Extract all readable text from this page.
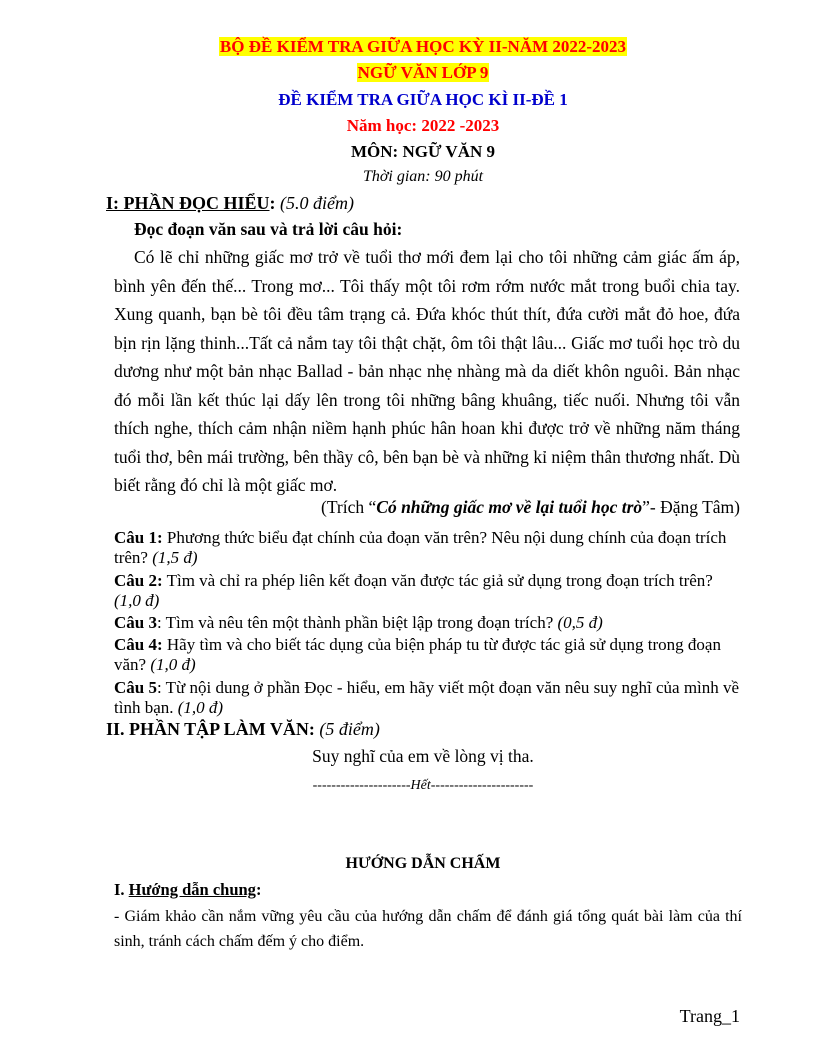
BỘ ĐỀ KIỂM TRA GIỮA HỌC KỲ II-NĂM 2022-2023
NGỮ VĂN LỚP 9
ĐỀ KIỂM TRA GIỮA HỌC KÌ II-ĐỀ 1
Năm học: 2022 -2023
MÔN: NGỮ VĂN 9
Thời gian: 90 phút
I: PHẦN ĐỌC HIỂU: (5.0 điểm)
Đọc đoạn văn sau và trả lời câu hỏi:
Có lẽ chỉ những giấc mơ trở về tuổi thơ mới đem lại cho tôi những cảm giác ấm áp, bình yên đến thế... Trong mơ... Tôi thấy một tôi rơm rớm nước mắt trong buổi chia tay. Xung quanh, bạn bè tôi đều tâm trạng cả. Đứa khóc thút thít, đứa cười mắt đỏ hoe, đứa bịn rịn lặng thinh...Tất cả nắm tay tôi thật chặt, ôm tôi thật lâu... Giấc mơ tuổi học trò du dương như một bản nhạc Ballad - bản nhạc nhẹ nhàng mà da diết khôn nguôi. Bản nhạc đó mỗi lần kết thúc lại dấy lên trong tôi những bâng khuâng, tiếc nuối. Nhưng tôi vẫn thích nghe, thích cảm nhận niềm hạnh phúc hân hoan khi được trở về những năm tháng tuổi thơ, bên mái trường, bên thầy cô, bên bạn bè và những kỉ niệm thân thương nhất. Dù biết rằng đó chỉ là một giấc mơ.
(Trích “Có những giấc mơ về lại tuổi học trò”- Đặng Tâm)
Câu 1: Phương thức biểu đạt chính của đoạn văn trên? Nêu nội dung chính của đoạn trích trên? (1,5 đ)
Câu 2: Tìm và chỉ ra phép liên kết đoạn văn được tác giả sử dụng trong đoạn trích trên? (1,0 đ)
Câu 3: Tìm và nêu tên một thành phần biệt lập trong đoạn trích? (0,5 đ)
Câu 4: Hãy tìm và cho biết tác dụng của biện pháp tu từ được tác giả sử dụng trong đoạn văn? (1,0 đ)
Câu 5: Từ nội dung ở phần Đọc - hiểu, em hãy viết một đoạn văn nêu suy nghĩ của mình về tình bạn. (1,0 đ)
II. PHẦN TẬP LÀM VĂN: (5 điểm)
Suy nghĩ của em về lòng vị tha.
---------------------Hết----------------------
HƯỚNG DẪN CHẤM
I. Hướng dẫn chung:
- Giám khảo cần nắm vững yêu cầu của hướng dẫn chấm để đánh giá tổng quát bài làm của thí sinh, tránh cách chấm đếm ý cho điểm.
Trang_1
